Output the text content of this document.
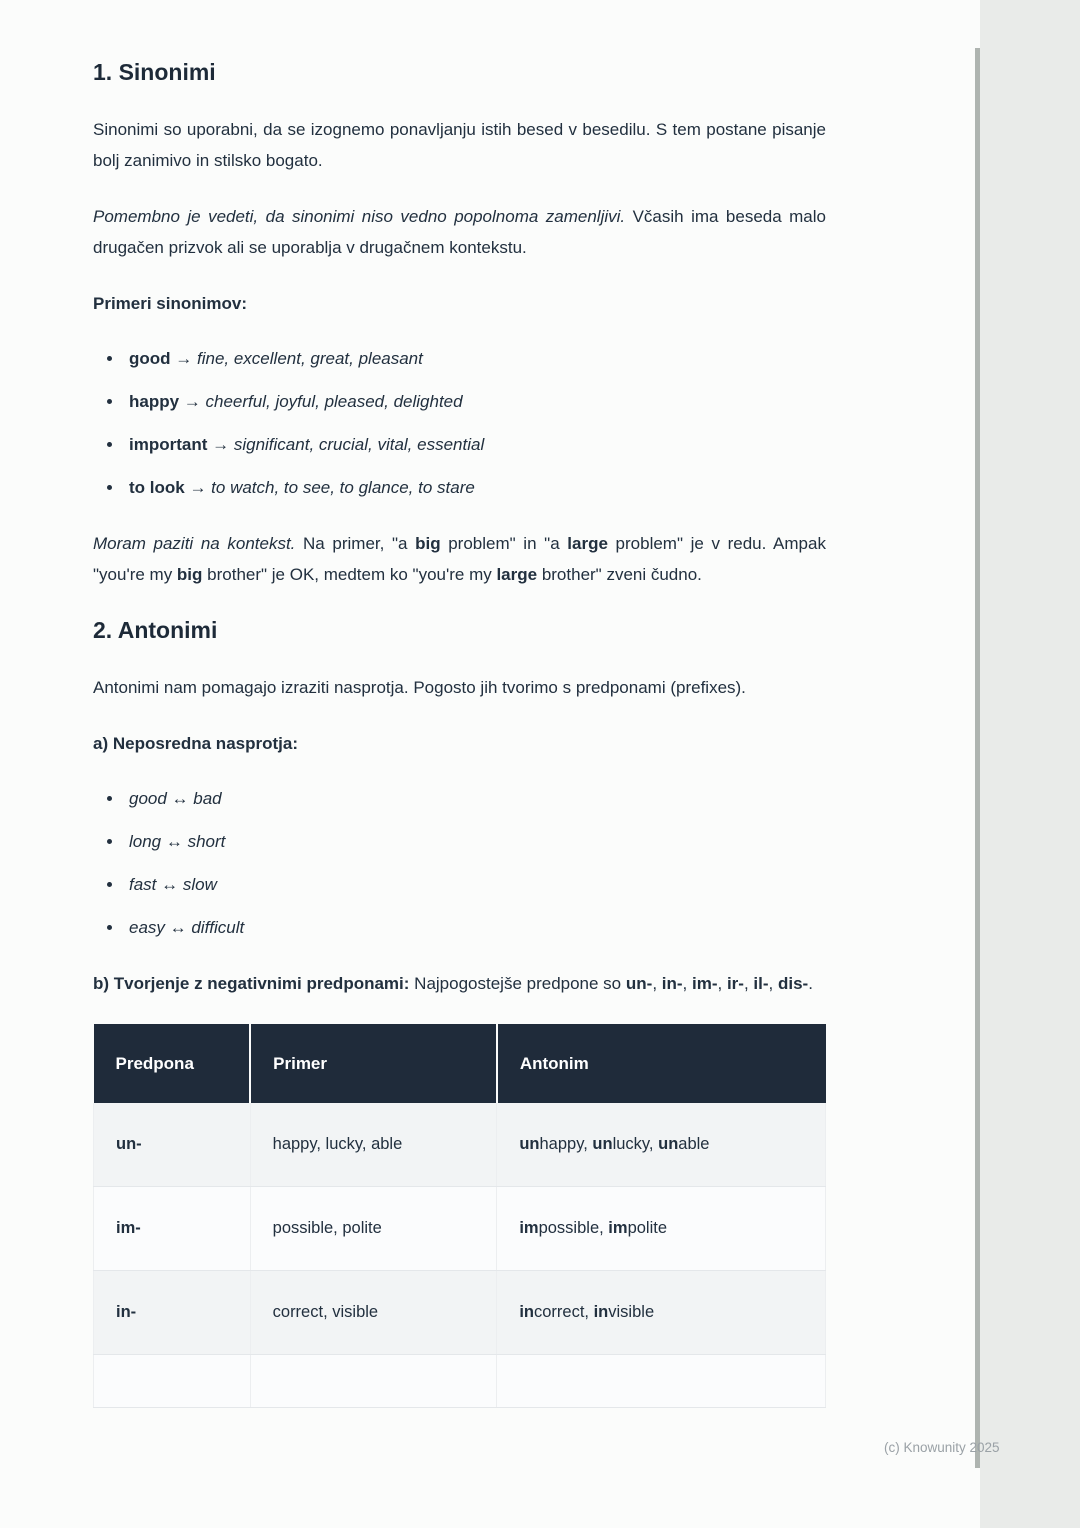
1. Sinonimi

Sinonimi so uporabni, da se izognemo ponavljanju istih besed v besedilu. S tem postane pisanje bolj zanimivo in stilsko bogato.

Pomembno je vedeti, da sinonimi niso vedno popolnoma zamenljivi. Včasih ima beseda malo drugačen prizvok ali se uporablja v drugačnem kontekstu.

Primeri sinonimov:

• good → fine, excellent, great, pleasant
• happy → cheerful, joyful, pleased, delighted
• important → significant, crucial, vital, essential
• to look → to watch, to see, to glance, to stare

Moram paziti na kontekst. Na primer, "a big problem" in "a large problem" je v redu. Ampak "you're my big brother" je OK, medtem ko "you're my large brother" zveni čudno.

2. Antonimi

Antonimi nam pomagajo izraziti nasprotja. Pogosto jih tvorimo s predponami (prefixes).

a) Neposredna nasprotja:

• good ↔ bad
• long ↔ short
• fast ↔ slow
• easy ↔ difficult

b) Tvorjenje z negativnimi predponami: Najpogostejše predpone so un-, in-, im-, ir-, il-, dis-.

Predpona	Primer	Antonim
un-	happy, lucky, able	unhappy, unlucky, unable
im-	possible, polite	impossible, impolite
in-	correct, visible	incorrect, invisible

(c) Knowunity 2025
